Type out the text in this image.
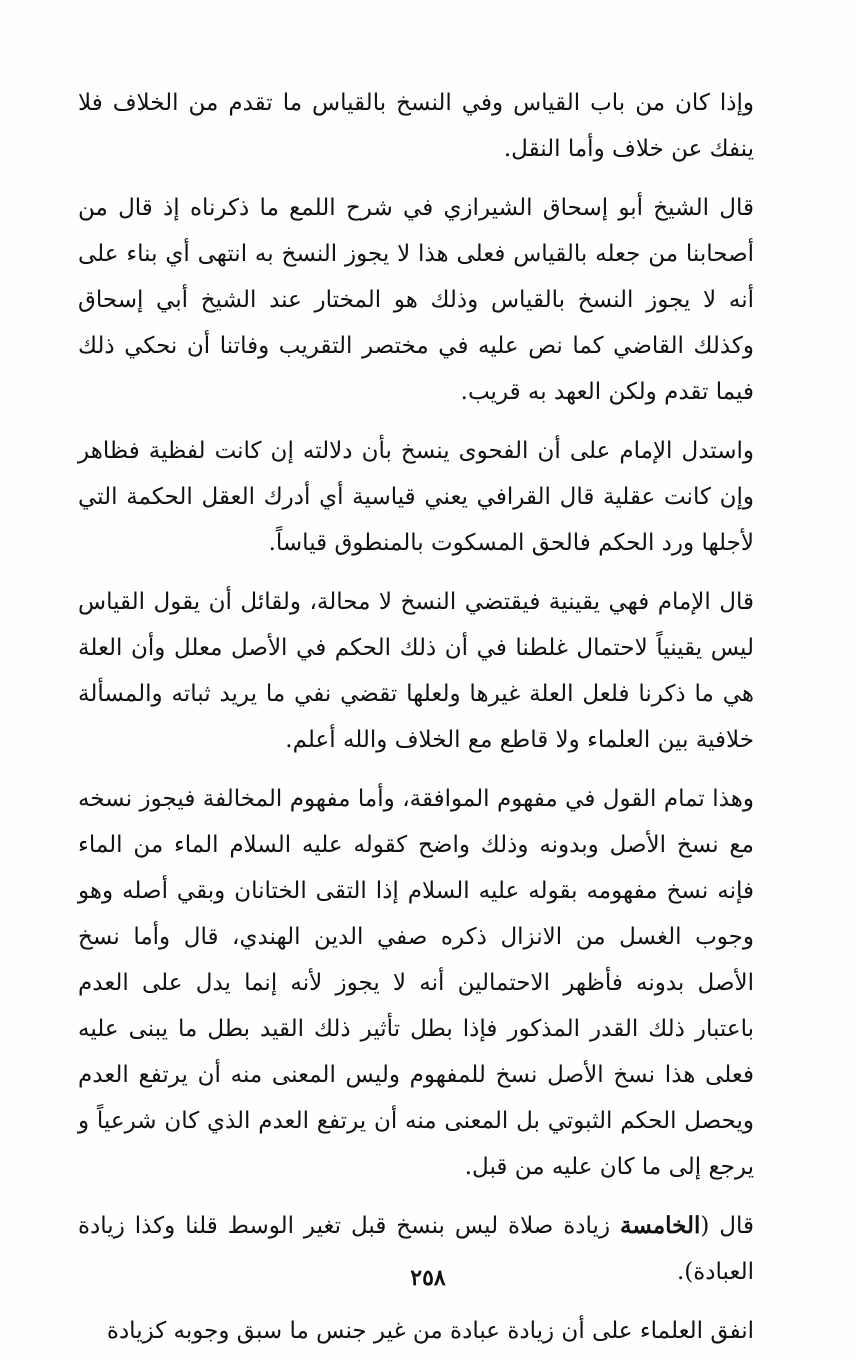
وإذا كان من باب القياس وفي النسخ بالقياس ما تقدم من الخلاف فلا ينفك عن خلاف وأما النقل.

قال الشيخ أبو إسحاق الشيرازي في شرح اللمع ما ذكرناه إذ قال من أصحابنا من جعله بالقياس فعلى هذا لا يجوز النسخ به انتهى أي بناء على أنه لا يجوز النسخ بالقياس وذلك هو المختار عند الشيخ أبي إسحاق وكذلك القاضي كما نص عليه في مختصر التقريب وفاتنا أن نحكي ذلك فيما تقدم ولكن العهد به قريب.

واستدل الإمام على أن الفحوى ينسخ بأن دلالته إن كانت لفظية فظاهر وإن كانت عقلية قال القرافي يعني قياسية أي أدرك العقل الحكمة التي لأجلها ورد الحكم فالحق المسكوت بالمنطوق قياساً.

قال الإمام فهي يقينية فيقتضي النسخ لا محالة، ولقائل أن يقول القياس ليس يقينياً لاحتمال غلطنا في أن ذلك الحكم في الأصل معلل وأن العلة هي ما ذكرنا فلعل العلة غيرها ولعلها تقضي نفي ما يريد ثباته والمسألة خلافية بين العلماء ولا قاطع مع الخلاف والله أعلم.

وهذا تمام القول في مفهوم الموافقة، وأما مفهوم المخالفة فيجوز نسخه مع نسخ الأصل وبدونه وذلك واضح كقوله عليه السلام الماء من الماء فإنه نسخ مفهومه بقوله عليه السلام إذا التقى الختانان وبقي أصله وهو وجوب الغسل من الانزال ذكره صفي الدين الهندي، قال وأما نسخ الأصل بدونه فأظهر الاحتمالين أنه لا يجوز لأنه إنما يدل على العدم باعتبار ذلك القدر المذكور فإذا بطل تأثير ذلك القيد بطل ما يبنى عليه فعلى هذا نسخ الأصل نسخ للمفهوم وليس المعنى منه أن يرتفع العدم ويحصل الحكم الثبوتي بل المعنى منه أن يرتفع العدم الذي كان شرعياً و يرجع إلى ما كان عليه من قبل.

قال (الخامسة زيادة صلاة ليس بنسخ قبل تغير الوسط قلنا وكذا زيادة العبادة).

انفق العلماء على أن زيادة عبادة من غير جنس ما سبق وجوبه كزيادة

٢٥٨
